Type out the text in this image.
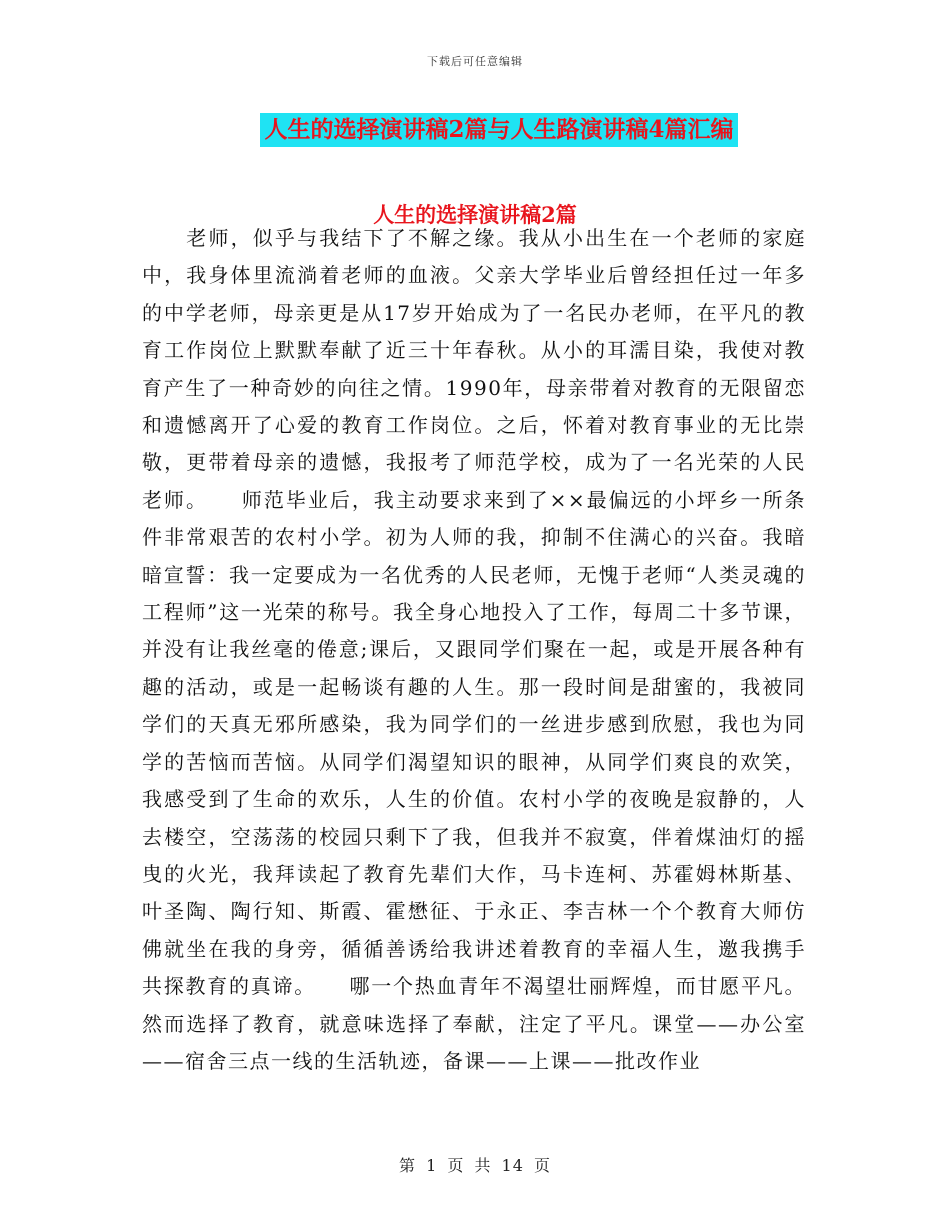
下载后可任意编辑
人生的选择演讲稿2篇与人生路演讲稿4篇汇编
人生的选择演讲稿2篇

　　老师，似乎与我结下了不解之缘。我从小出生在一个老师的家庭中，我身体里流淌着老师的血液。父亲大学毕业后曾经担任过一年多的中学老师，母亲更是从17岁开始成为了一名民办老师，在平凡的教育工作岗位上默默奉献了近三十年春秋。从小的耳濡目染，我使对教育产生了一种奇妙的向往之情。1990年，母亲带着对教育的无限留恋和遗憾离开了心爱的教育工作岗位。之后，怀着对教育事业的无比崇敬，更带着母亲的遗憾，我报考了师范学校，成为了一名光荣的人民老师。　　师范毕业后，我主动要求来到了××最偏远的小坪乡一所条件非常艰苦的农村小学。初为人师的我，抑制不住满心的兴奋。我暗暗宣誓：我一定要成为一名优秀的人民老师，无愧于老师“人类灵魂的工程师”这一光荣的称号。我全身心地投入了工作，每周二十多节课，并没有让我丝毫的倦意;课后，又跟同学们聚在一起，或是开展各种有趣的活动，或是一起畅谈有趣的人生。那一段时间是甜蜜的，我被同学们的天真无邪所感染，我为同学们的一丝进步感到欣慰，我也为同学的苦恼而苦恼。从同学们渴望知识的眼神，从同学们爽良的欢笑，我感受到了生命的欢乐，人生的价值。农村小学的夜晚是寂静的，人去楼空，空荡荡的校园只剩下了我，但我并不寂寞，伴着煤油灯的摇曳的火光，我拜读起了教育先辈们大作，马卡连柯、苏霍姆林斯基、叶圣陶、陶行知、斯霞、霍懋征、于永正、李吉林一个个教育大师仿佛就坐在我的身旁，循循善诱给我讲述着教育的幸福人生，邀我携手共探教育的真谛。　　哪一个热血青年不渴望壮丽辉煌，而甘愿平凡。然而选择了教育，就意味选择了奉献，注定了平凡。课堂——办公室——宿舍三点一线的生活轨迹，备课——上课——批改作业

第 1 页 共 14 页
